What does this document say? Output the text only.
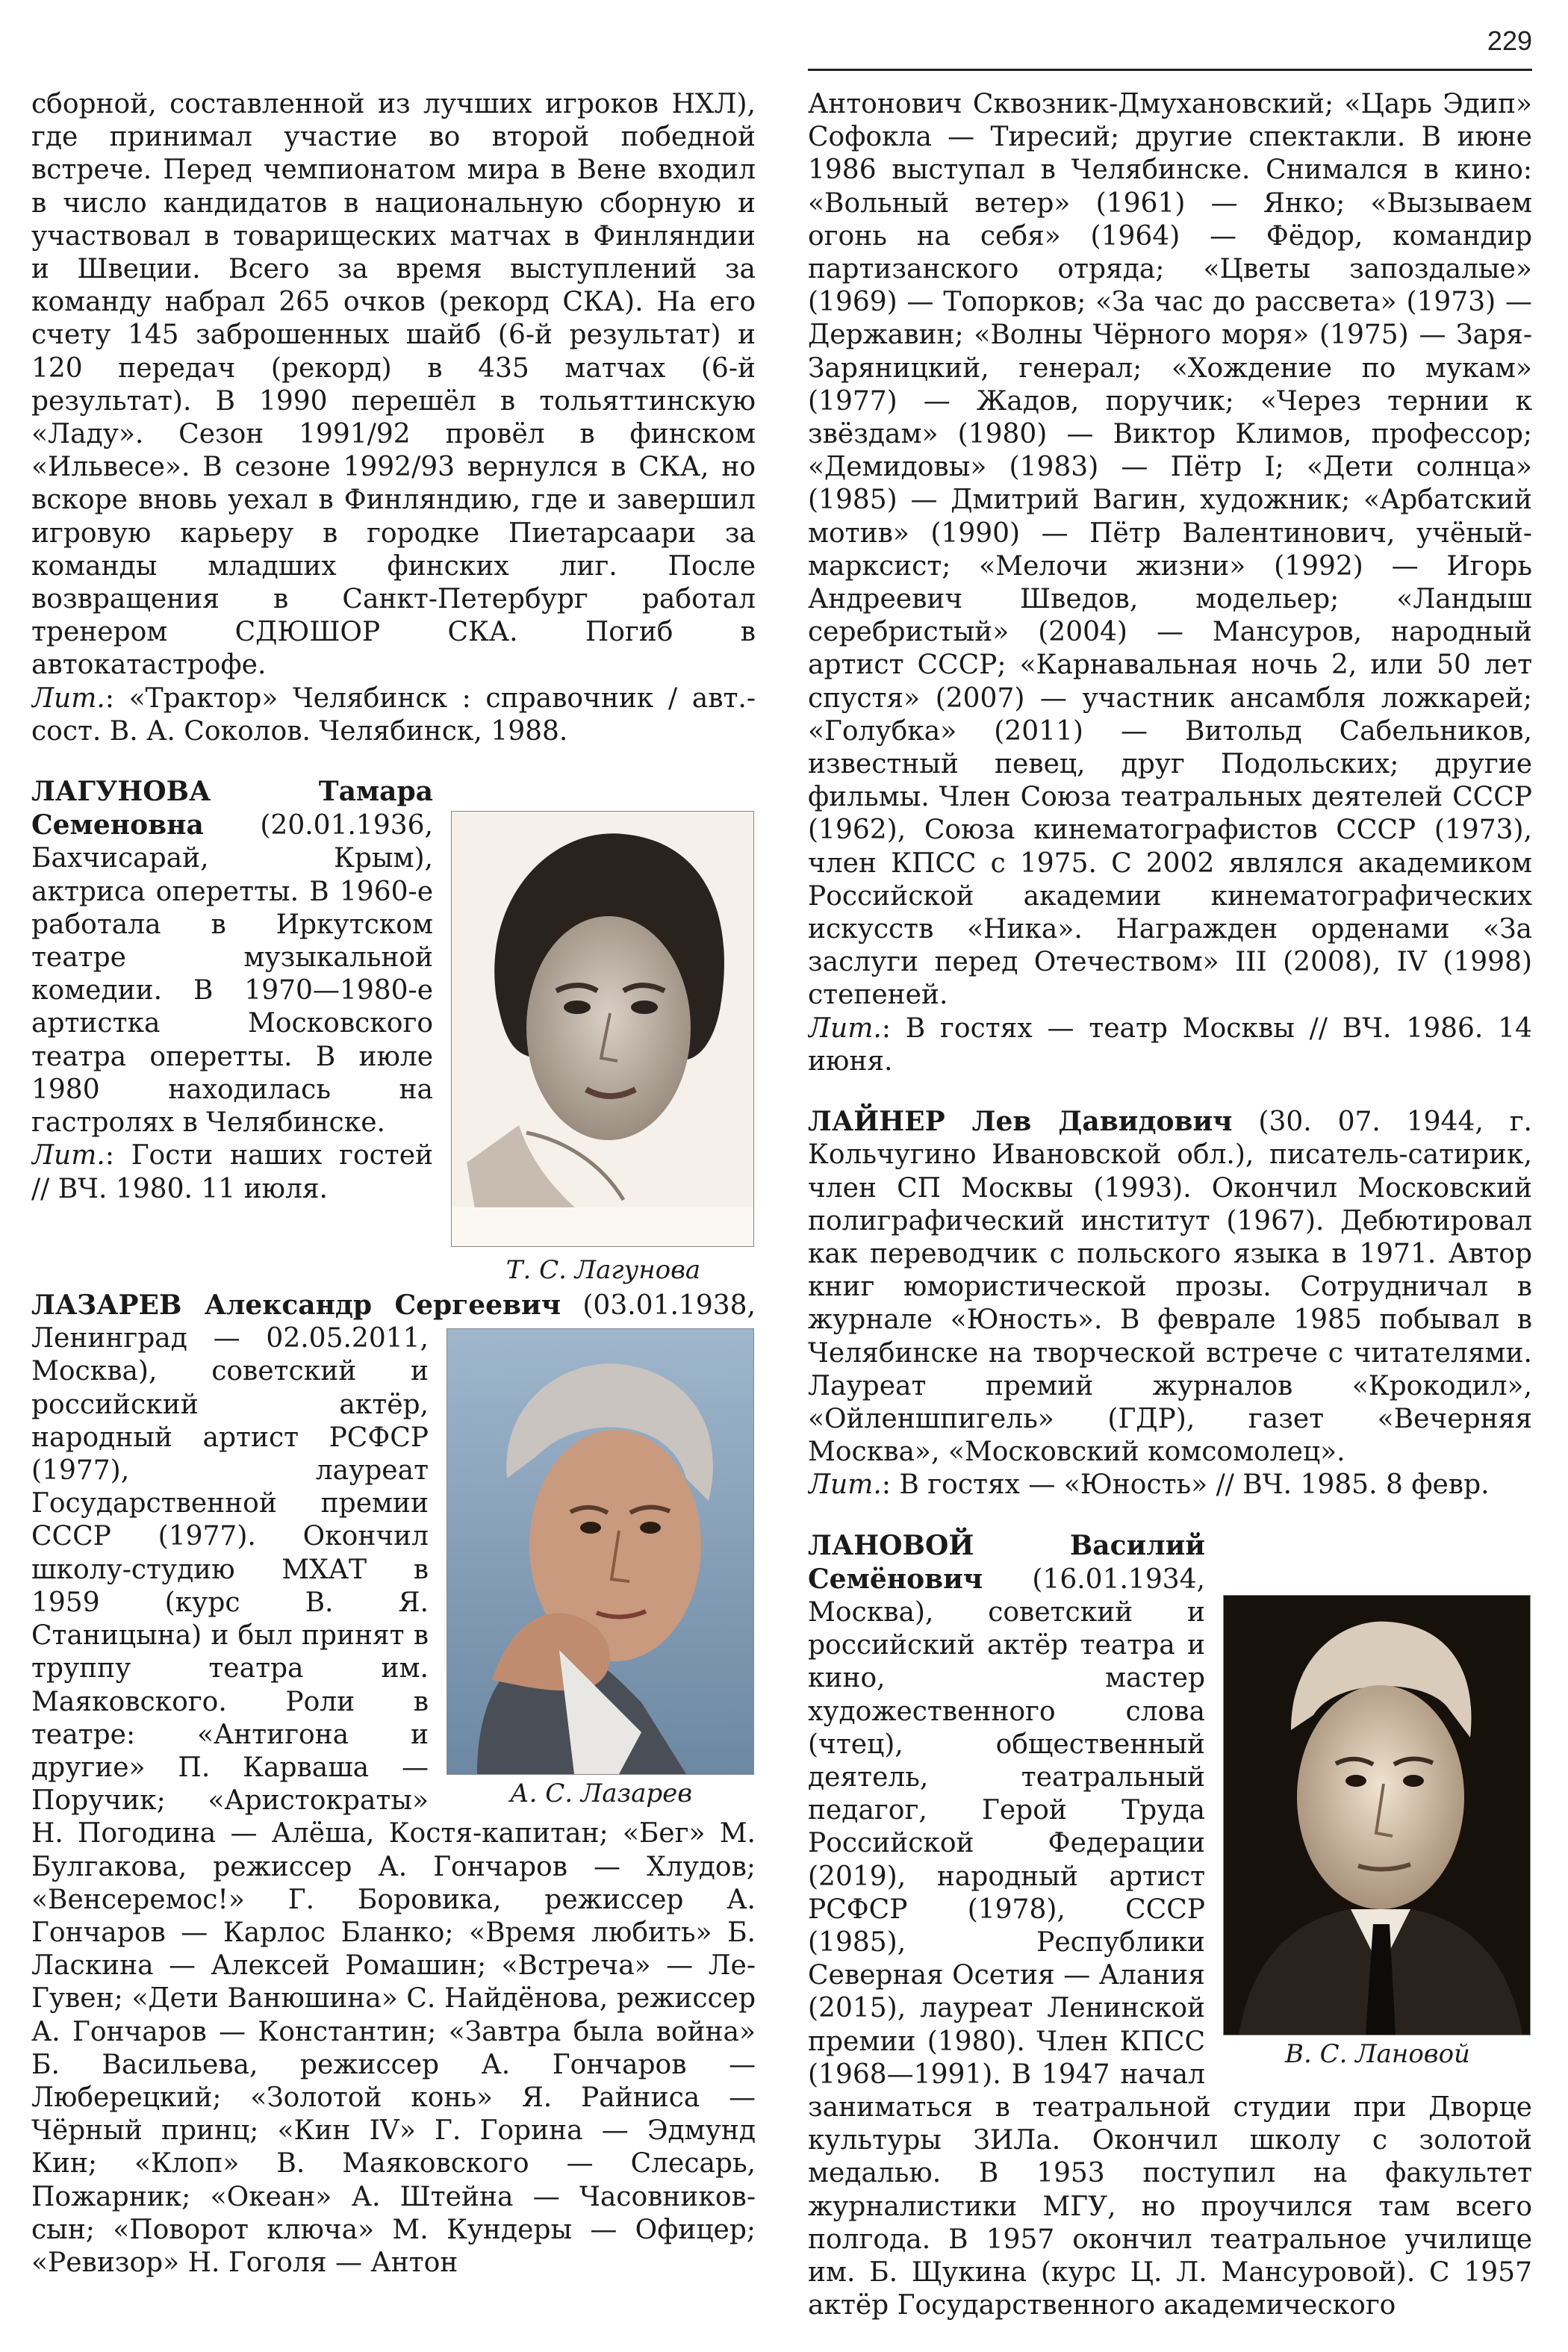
229

сборной, составленной из лучших игроков НХЛ), где принимал участие во второй победной встрече. Перед чемпионатом мира в Вене входил в число кандидатов в национальную сборную и участвовал в товарищеских матчах в Финляндии и Швеции. Всего за время выступлений за команду набрал 265 очков (рекорд СКА). На его счету 145 заброшенных шайб (6-й результат) и 120 передач (рекорд) в 435 матчах (6-й результат). В 1990 перешёл в тольяттинскую «Ладу». Сезон 1991/92 провёл в финском «Ильвесе». В сезоне 1992/93 вернулся в СКА, но вскоре вновь уехал в Финляндию, где и завершил игровую карьеру в городке Пиетарсаари за команды младших финских лиг. После возвращения в Санкт-Петербург работал тренером СДЮШОР СКА. Погиб в автокатастрофе.
Лит.: «Трактор» Челябинск : справочник / авт.-сост. В. А. Соколов. Челябинск, 1988.

Т. С. Лагунова
ЛАГУНОВА Тамара Семеновна (20.01.1936, Бахчисарай, Крым), актриса оперетты. В 1960-е работала в Иркутском театре музыкальной комедии. В 1970—1980-е артистка Московского театра оперетты. В июле 1980 находилась на гастролях в Челябинске.
Лит.: Гости наших гостей // ВЧ. 1980. 11 июля.

ЛАЗАРЕВ Александр Сергеевич
А. С. Лазарев
(03.01.1938, Ленинград — 02.05.2011, Москва), советский и российский актёр, народный артист РСФСР (1977), лауреат Государственной премии СССР (1977). Окончил школу-студию МХАТ в 1959 (курс В. Я. Станицына) и был принят в труппу театра им. Маяковского. Роли в театре: «Антигона и другие» П. Карваша — Поручик; «Аристократы» Н. Погодина — Алёша, Костя-капитан; «Бег» М. Булгакова, режиссер А. Гончаров — Хлудов; «Венсеремос!» Г. Боровика, режиссер А. Гончаров — Карлос Бланко; «Время любить» Б. Ласкина — Алексей Ромашин; «Встреча» — Ле-Гувен; «Дети Ванюшина» С. Найдёнова, режиссер А. Гончаров — Константин; «Завтра была война» Б. Васильева, режиссер А. Гончаров — Люберецкий; «Золотой конь» Я. Райниса — Чёрный принц; «Кин IV» Г. Горина — Эдмунд Кин; «Клоп» В. Маяковского — Слесарь, Пожарник; «Океан» А. Штейна — Часовников-сын; «Поворот ключа» М. Кундеры — Офицер; «Ревизор» Н. Гоголя — Антон

Антонович Сквозник-Дмухановский; «Царь Эдип» Софокла — Тиресий; другие спектакли. В июне 1986 выступал в Челябинске. Снимался в кино: «Вольный ветер» (1961) — Янко; «Вызываем огонь на себя» (1964) — Фёдор, командир партизанского отряда; «Цветы запоздалые» (1969) — Топорков; «За час до рассвета» (1973) — Державин; «Волны Чёрного моря» (1975) — Заря-Заряницкий, генерал; «Хождение по мукам» (1977) — Жадов, поручик; «Через тернии к звёздам» (1980) — Виктор Климов, профессор; «Демидовы» (1983) — Пётр I; «Дети солнца» (1985) — Дмитрий Вагин, художник; «Арбатский мотив» (1990) — Пётр Валентинович, учёный-марксист; «Мелочи жизни» (1992) — Игорь Андреевич Шведов, модельер; «Ландыш серебристый» (2004) — Мансуров, народный артист СССР; «Карнавальная ночь 2, или 50 лет спустя» (2007) — участник ансамбля ложкарей; «Голубка» (2011) — Витольд Сабельников, известный певец, друг Подольских; другие фильмы. Член Союза театральных деятелей СССР (1962), Союза кинематографистов СССР (1973), член КПСС с 1975. С 2002 являлся академиком Российской академии кинематографических искусств «Ника». Награжден орденами «За заслуги перед Отечеством» III (2008), IV (1998) степеней.
Лит.: В гостях — театр Москвы // ВЧ. 1986. 14 июня.

ЛАЙНЕР Лев Давидович (30. 07. 1944, г. Кольчугино Ивановской обл.), писатель-сатирик, член СП Москвы (1993). Окончил Московский полиграфический институт (1967). Дебютировал как переводчик с польского языка в 1971. Автор книг юмористической прозы. Сотрудничал в журнале «Юность». В феврале 1985 побывал в Челябинске на творческой встрече с читателями. Лауреат премий журналов «Крокодил», «Ойленшпигель» (ГДР), газет «Вечерняя Москва», «Московский комсомолец».
Лит.: В гостях — «Юность» // ВЧ. 1985. 8 февр.

В. С. Лановой
ЛАНОВОЙ Василий Семёнович (16.01.1934, Москва), советский и российский актёр театра и кино, мастер художественного слова (чтец), общественный деятель, театральный педагог, Герой Труда Российской Федерации (2019), народный артист РСФСР (1978), СССР (1985), Республики Северная Осетия — Алания (2015), лауреат Ленинской премии (1980). Член КПСС (1968—1991). В 1947 начал заниматься в театральной студии при Дворце культуры ЗИЛа. Окончил школу с золотой медалью. В 1953 поступил на факультет журналистики МГУ, но проучился там всего полгода. В 1957 окончил театральное училище им. Б. Щукина (курс Ц. Л. Мансуровой). С 1957 актёр Государственного академического
